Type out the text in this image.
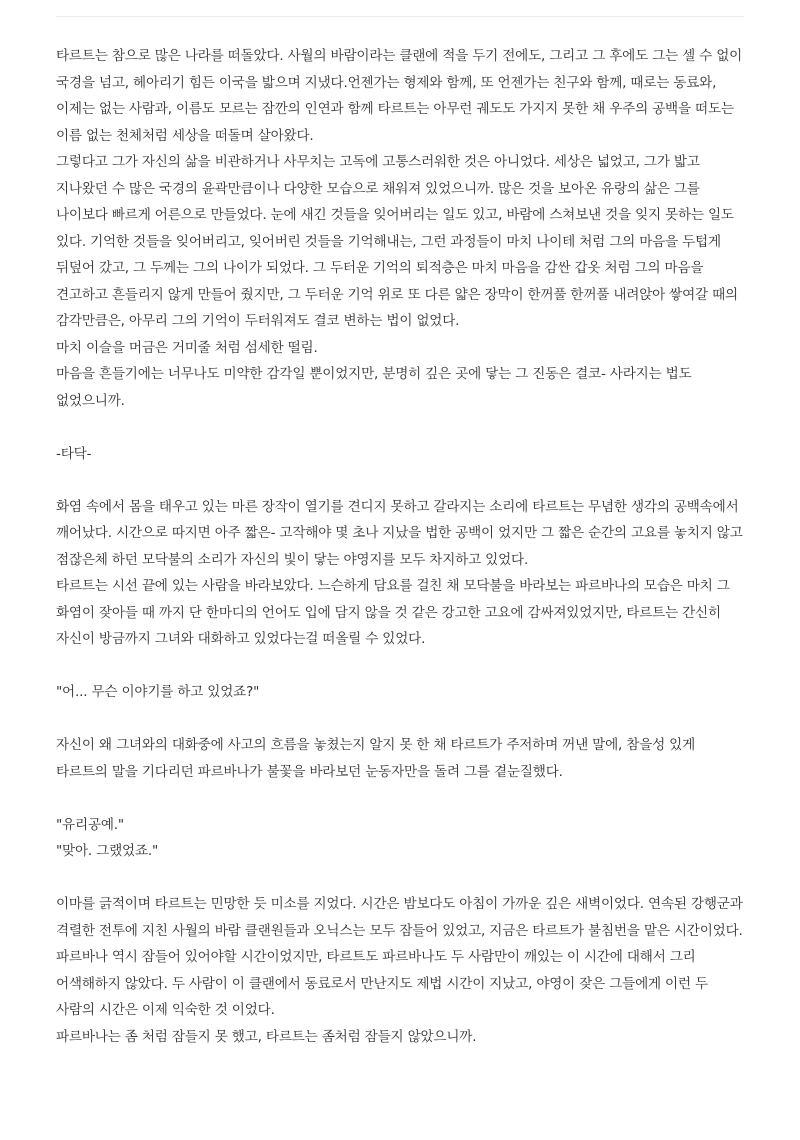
타르트는 참으로 많은 나라를 떠돌았다. 사월의 바람이라는 클랜에 적을 두기 전에도, 그리고 그 후에도 그는 셀 수 없이 국경을 넘고, 헤아리기 힘든 이국을 밟으며 지냈다.언젠가는 형제와 함께, 또 언젠가는 친구와 함께, 때로는 동료와, 이제는 없는 사람과, 이름도 모르는 잠깐의 인연과 함께 타르트는 아무런 궤도도 가지지 못한 채 우주의 공백을 떠도는 이름 없는 천체처럼 세상을 떠돌며 살아왔다.

그렇다고 그가 자신의 삶을 비관하거나 사무치는 고독에 고통스러워한 것은 아니었다. 세상은 넓었고, 그가 밟고 지나왔던 수 많은 국경의 윤곽만큼이나 다양한 모습으로 채워져 있었으니까. 많은 것을 보아온 유랑의 삶은 그를 나이보다 빠르게 어른으로 만들었다. 눈에 새긴 것들을 잊어버리는 일도 있고, 바람에 스쳐보낸 것을 잊지 못하는 일도 있다. 기억한 것들을 잊어버리고, 잊어버린 것들을 기억해내는, 그런 과정들이 마치 나이테 처럼 그의 마음을 두텁게 뒤덮어 갔고, 그 두께는 그의 나이가 되었다. 그 두터운 기억의 퇴적층은 마치 마음을 감싼 갑옷 처럼 그의 마음을 견고하고 흔들리지 않게 만들어 줬지만, 그 두터운 기억 위로 또 다른 얇은 장막이 한꺼풀 한꺼풀 내려앉아 쌓여갈 때의 감각만큼은, 아무리 그의 기억이 두터워져도 결코 변하는 법이 없었다.

마치 이슬을 머금은 거미줄 처럼 섬세한 떨림.

마음을 흔들기에는 너무나도 미약한 감각일 뿐이었지만, 분명히 깊은 곳에 닿는 그 진동은 결코- 사라지는 법도 없었으니까.

-타닥-

화염 속에서 몸을 태우고 있는 마른 장작이 열기를 견디지 못하고 갈라지는 소리에 타르트는 무념한 생각의 공백속에서 깨어났다. 시간으로 따지면 아주 짧은- 고작해야 몇 초나 지났을 법한 공백이 었지만 그 짧은 순간의 고요를 놓치지 않고 점잖은체 하던 모닥불의 소리가 자신의 빛이 닿는 야영지를 모두 차지하고 있었다.

타르트는 시선 끝에 있는 사람을 바라보았다. 느슨하게 담요를 걸친 채 모닥불을 바라보는 파르바나의 모습은 마치 그 화염이 잦아들 때 까지 단 한마디의 언어도 입에 담지 않을 것 같은 강고한 고요에 감싸져있었지만, 타르트는 간신히 자신이 방금까지 그녀와 대화하고 있었다는걸 떠올릴 수 있었다.

"어... 무슨 이야기를 하고 있었죠?"

자신이 왜 그녀와의 대화중에 사고의 흐름을 놓쳤는지 알지 못 한 채 타르트가 주저하며 꺼낸 말에, 참을성 있게 타르트의 말을 기다리던 파르바나가 불꽃을 바라보던 눈동자만을 돌려 그를 곁눈질했다.

"유리공예."

"맞아. 그랬었죠."

이마를 긁적이며 타르트는 민망한 듯 미소를 지었다. 시간은 밤보다도 아침이 가까운 깊은 새벽이었다. 연속된 강행군과 격렬한 전투에 지친 사월의 바람 클랜원들과 오닉스는 모두 잠들어 있었고, 지금은 타르트가 불침번을 맡은 시간이었다. 파르바나 역시 잠들어 있어야할 시간이었지만, 타르트도 파르바나도 두 사람만이 깨있는 이 시간에 대해서 그리 어색해하지 않았다. 두 사람이 이 클랜에서 동료로서 만난지도 제법 시간이 지났고, 야영이 잦은 그들에게 이런 두 사람의 시간은 이제 익숙한 것 이었다.

파르바나는 좀 처럼 잠들지 못 했고, 타르트는 좀처럼 잠들지 않았으니까.
